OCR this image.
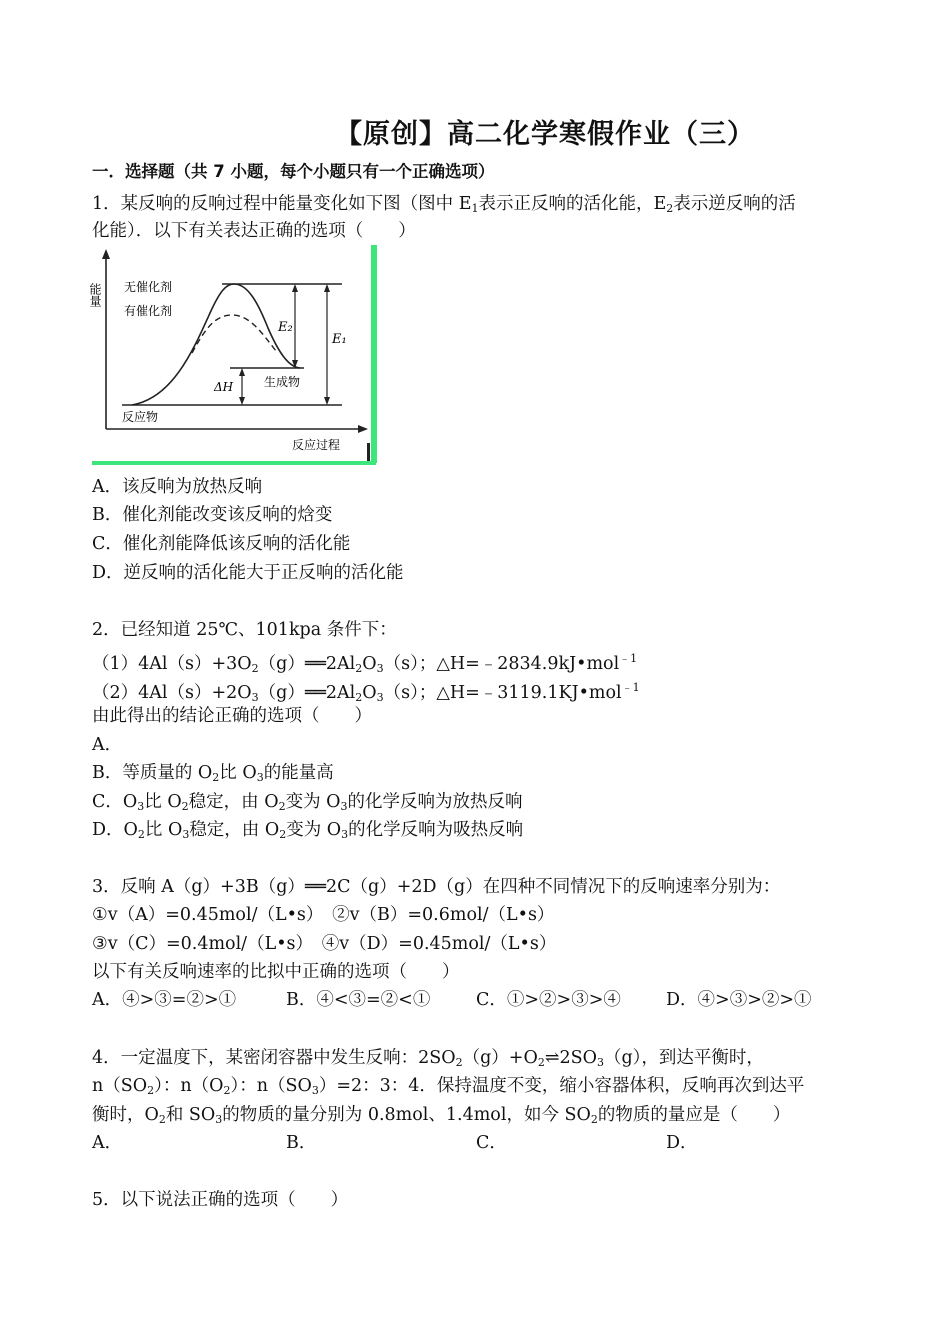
【原创】高二化学寒假作业（三）
一．选择题（共 7 小题，每个小题只有一个正确选项）
1．某反响的反响过程中能量变化如下图（图中 $E_1$表示正反响的活化能，$E_2$表示逆反响的活
化能）．以下有关表达正确的选项（　　）
能量
反应过程
E₂
E₁
ΔH
无催化剂
有催化剂
生成物
反应物
A．该反响为放热反响
B．催化剂能改变该反响的焓变
C．催化剂能降低该反响的活化能
D．逆反响的活化能大于正反响的活化能
2．已经知道 25℃、101kpa 条件下：
$(1)4Al(s)+3O_2(g)══2Al_2O_3(s)$；△H=﹣2834.9kJ•mol$^{﹣1}$
$(2)4Al(s)+2O_3(g)══2Al_2O_3(s)$；△H=﹣3119.1KJ•mol$^{﹣1}$
由此得出的结论正确的选项（　　）
A．
B．等质量的 $O_2$比 $O_3$的能量高
C．$O_3$比 $O_2$稳定，由 $O_2$变为 $O_3$的化学反响为放热反响
D．$O_2$比 $O_3$稳定，由 $O_2$变为 $O_3$的化学反响为吸热反响
3．反响 A（g）+3B（g）══2C（g）+2D（g）在四种不同情况下的反响速率分别为：
①v（A）=0.45mol/（L•s）　②v（B）=0.6mol/（L•s）
③v（C）=0.4mol/（L•s）　④v（D）=0.45mol/（L•s）
以下有关反响速率的比拟中正确的选项（　　）
A．④>③=②>①	B．④<③=②<①	C．①>②>③>④	D．④>③>②>①
4．一定温度下，某密闭容器中发生反响：$2SO_2(g)+O_2\rightleftharpoons 2SO_3(g)$，到达平衡时，
$n(SO_2)$：$n(O_2)$：$n(SO_3)=2$：3：4．保持温度不变，缩小容器体积，反响再次到达平
衡时，$O_2$和 $SO_3$的物质的量分别为 0.8mol、1.4mol，如今 $SO_2$的物质的量应是（　　）
A．	B．	C．	D．
5．以下说法正确的选项（　　）
